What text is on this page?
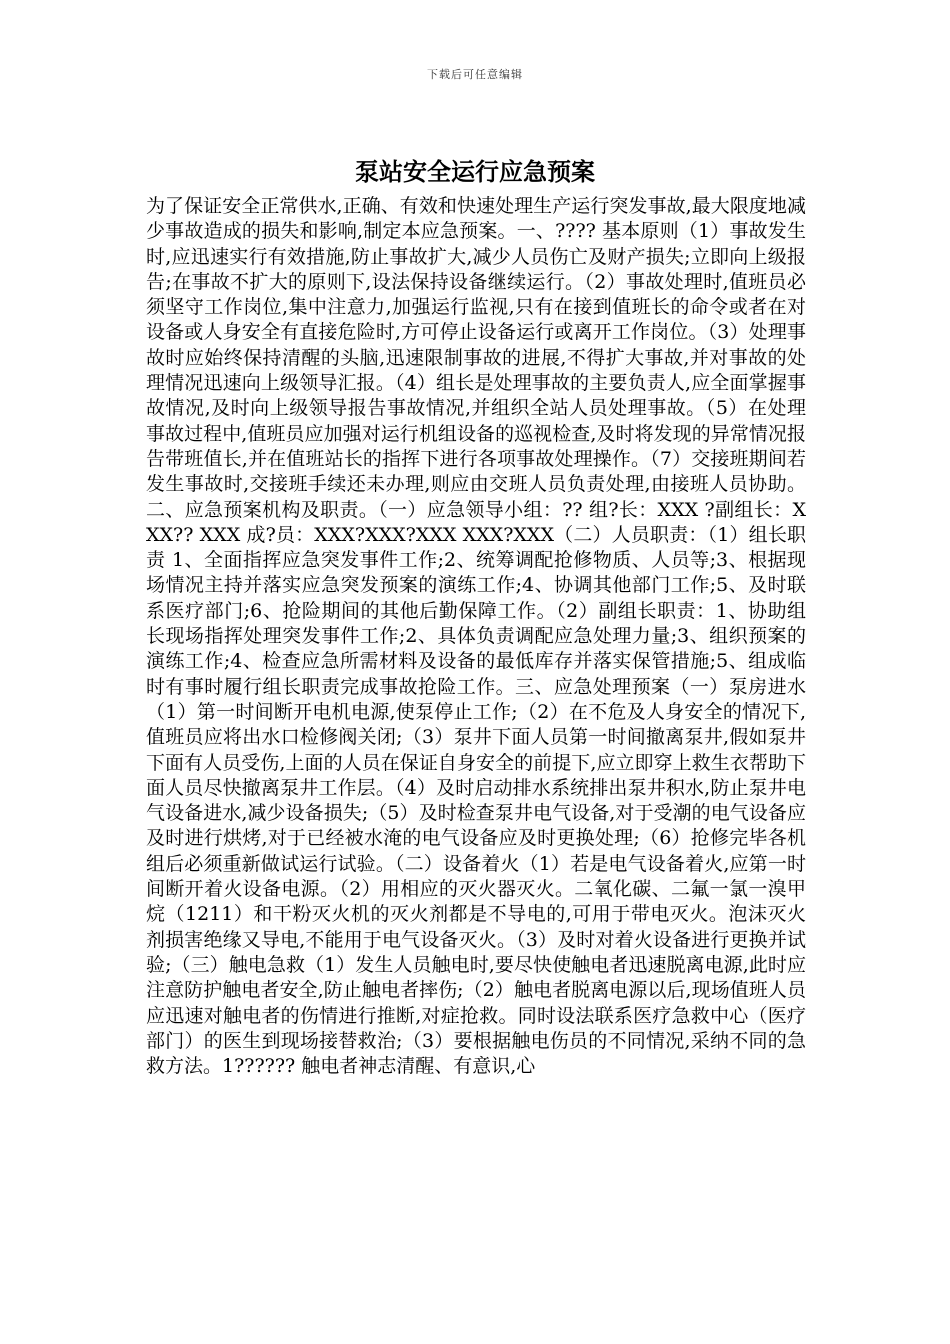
下载后可任意编辑
泵站安全运行应急预案

为了保证安全正常供水,正确、有效和快速处理生产运行突发事故,最大限度地减少事故造成的损失和影响,制定本应急预案。一、???? 基本原则（1）事故发生时,应迅速实行有效措施,防止事故扩大,减少人员伤亡及财产损失;立即向上级报告;在事故不扩大的原则下,设法保持设备继续运行。（2）事故处理时,值班员必须坚守工作岗位,集中注意力,加强运行监视,只有在接到值班长的命令或者在对设备或人身安全有直接危险时,方可停止设备运行或离开工作岗位。（3）处理事故时应始终保持清醒的头脑,迅速限制事故的进展,不得扩大事故,并对事故的处理情况迅速向上级领导汇报。（4）组长是处理事故的主要负责人,应全面掌握事故情况,及时向上级领导报告事故情况,并组织全站人员处理事故。（5）在处理事故过程中,值班员应加强对运行机组设备的巡视检查,及时将发现的异常情况报告带班值长,并在值班站长的指挥下进行各项事故处理操作。（7）交接班期间若发生事故时,交接班手续还未办理,则应由交班人员负责处理,由接班人员协助。二、应急预案机构及职责。（一）应急领导小组：?? 组?长：XXX ?副组长：XXX?? XXX 成?员：XXX?XXX?XXX XXX?XXX（二）人员职责：（1）组长职责 1、全面指挥应急突发事件工作;2、统筹调配抢修物质、人员等;3、根据现场情况主持并落实应急突发预案的演练工作;4、协调其他部门工作;5、及时联系医疗部门;6、抢险期间的其他后勤保障工作。（2）副组长职责：1、协助组长现场指挥处理突发事件工作;2、具体负责调配应急处理力量;3、组织预案的演练工作;4、检查应急所需材料及设备的最低库存并落实保管措施;5、组成临时有事时履行组长职责完成事故抢险工作。三、应急处理预案（一）泵房进水（1）第一时间断开电机电源,使泵停止工作;（2）在不危及人身安全的情况下,值班员应将出水口检修阀关闭;（3）泵井下面人员第一时间撤离泵井,假如泵井下面有人员受伤,上面的人员在保证自身安全的前提下,应立即穿上救生衣帮助下面人员尽快撤离泵井工作层。（4）及时启动排水系统排出泵井积水,防止泵井电气设备进水,减少设备损失;（5）及时检查泵井电气设备,对于受潮的电气设备应及时进行烘烤,对于已经被水淹的电气设备应及时更换处理;（6）抢修完毕各机组后必须重新做试运行试验。（二）设备着火（1）若是电气设备着火,应第一时间断开着火设备电源。（2）用相应的灭火器灭火。二氧化碳、二氟一氯一溴甲烷（1211）和干粉灭火机的灭火剂都是不导电的,可用于带电灭火。泡沫灭火剂损害绝缘又导电,不能用于电气设备灭火。（3）及时对着火设备进行更换并试验;（三）触电急救（1）发生人员触电时,要尽快使触电者迅速脱离电源,此时应注意防护触电者安全,防止触电者摔伤;（2）触电者脱离电源以后,现场值班人员应迅速对触电者的伤情进行推断,对症抢救。同时设法联系医疗急救中心（医疗部门）的医生到现场接替救治;（3）要根据触电伤员的不同情况,采纳不同的急救方法。1?????? 触电者神志清醒、有意识,心
